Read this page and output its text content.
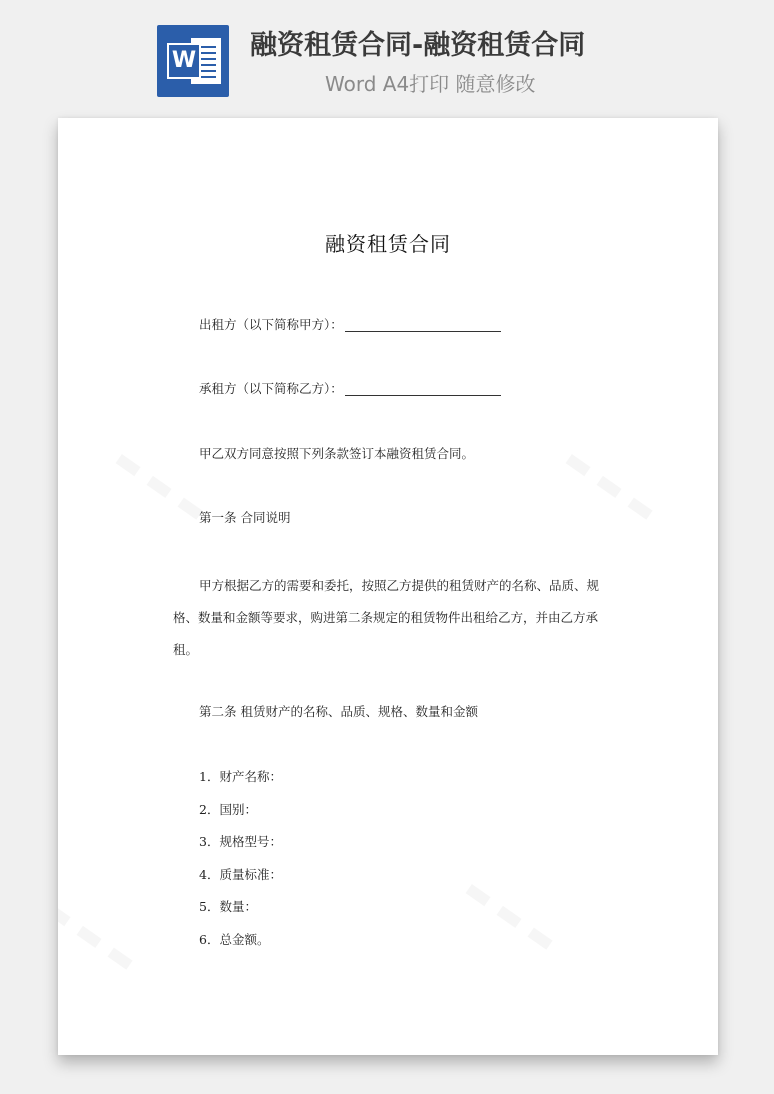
W 融资租赁合同-融资租赁合同
Word A4打印 随意修改
融资租赁合同
出租方（以下简称甲方）：
承租方（以下简称乙方）：
甲乙双方同意按照下列条款签订本融资租赁合同。
第一条 合同说明
甲方根据乙方的需要和委托，按照乙方提供的租赁财产的名称、品质、规格、数量和金额等要求，购进第二条规定的租赁物件出租给乙方，并由乙方承租。
第二条 租赁财产的名称、品质、规格、数量和金额
1．财产名称：
2．国别：
3．规格型号：
4．质量标准：
5．数量：
6．总金额。
